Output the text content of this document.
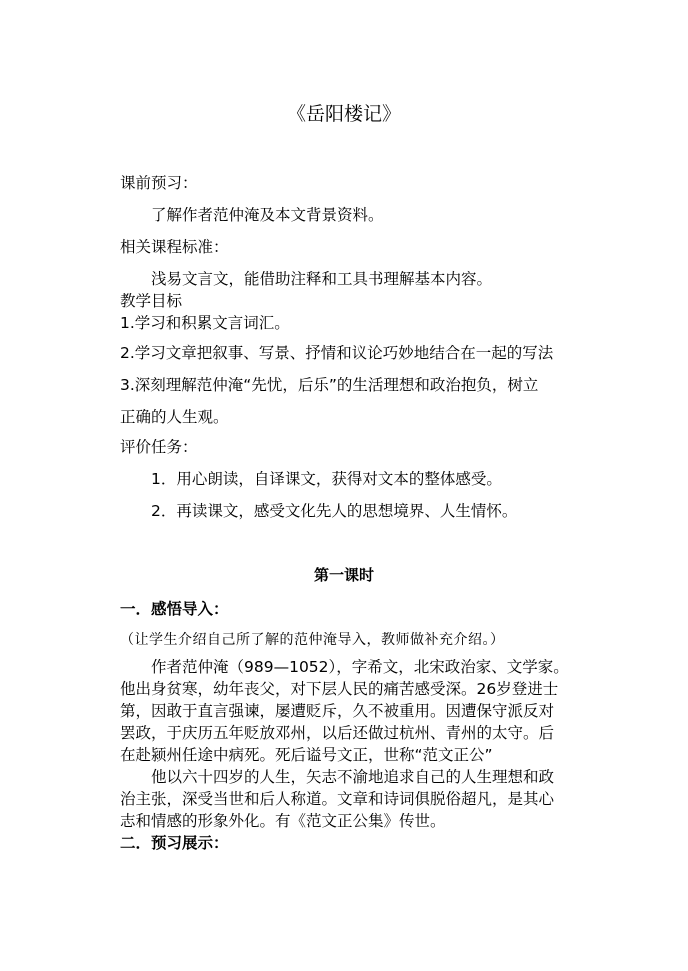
《岳阳楼记》
课前预习：
了解作者范仲淹及本文背景资料。
相关课程标准：
浅易文言文，能借助注释和工具书理解基本内容。
教学目标
1.学习和积累文言词汇。
2.学习文章把叙事、写景、抒情和议论巧妙地结合在一起的写法
3.深刻理解范仲淹“先忧，后乐”的生活理想和政治抱负，树立
正确的人生观。
评价任务：
1．用心朗读，自译课文，获得对文本的整体感受。
2．再读课文，感受文化先人的思想境界、人生情怀。
第一课时
一．感悟导入：
（让学生介绍自己所了解的范仲淹导入，教师做补充介绍。）
作者范仲淹（989—1052），字希文，北宋政治家、文学家。
他出身贫寒，幼年丧父，对下层人民的痛苦感受深。26岁登进士
第，因敢于直言强谏，屡遭贬斥，久不被重用。因遭保守派反对
罢政，于庆历五年贬放邓州，以后还做过杭州、青州的太守。后
在赴颍州任途中病死。死后谥号文正，世称“范文正公”
他以六十四岁的人生，矢志不渝地追求自己的人生理想和政
治主张，深受当世和后人称道。文章和诗词俱脱俗超凡，是其心
志和情感的形象外化。有《范文正公集》传世。
二．预习展示：
